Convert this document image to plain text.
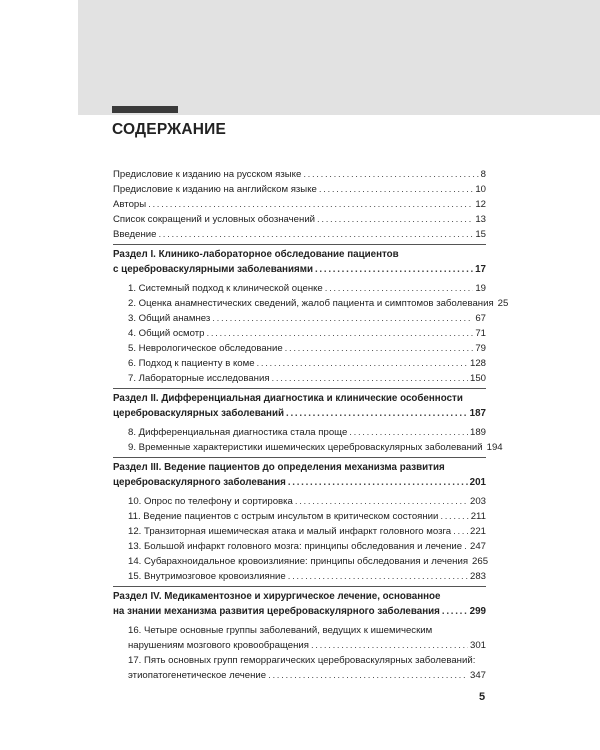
СОДЕРЖАНИЕ
Предисловие к изданию на русском языке . . .	8
Предисловие к изданию на английском языке . . .	10
Авторы . . .	12
Список сокращений и условных обозначений . . .	13
Введение . . .	15
Раздел I. Клинико-лабораторное обследование пациентов
с цереброваскулярными заболеваниями . . .	17
1. Системный подход к клинической оценке . . .	19
2. Оценка анамнестических сведений, жалоб пациента и симптомов заболевания 25
3. Общий анамнез . . .	67
4. Общий осмотр . . .	71
5. Неврологическое обследование . . .	79
6. Подход к пациенту в коме . . .	128
7. Лабораторные исследования . . .	150
Раздел II. Дифференциальная диагностика и клинические особенности
цереброваскулярных заболеваний . . .	187
8. Дифференциальная диагностика стала проще . . .	189
9. Временные характеристики ишемических цереброваскулярных заболеваний 194
Раздел III. Ведение пациентов до определения механизма развития
цереброваскулярного заболевания . . .	201
10. Опрос по телефону и сортировка . . .	203
11. Ведение пациентов с острым инсультом в критическом состоянии . . .	211
12. Транзиторная ишемическая атака и малый инфаркт головного мозга . . . 221
13. Большой инфаркт головного мозга: принципы обследования и лечение . . . 247
14. Субарахноидальное кровоизлияние: принципы обследования и лечения 265
15. Внутримозговое кровоизлияние . . .	283
Раздел IV. Медикаментозное и хирургическое лечение, основанное
на знании механизма развития цереброваскулярного заболевания . . .	299
16. Четыре основные группы заболеваний, ведущих к ишемическим
нарушениям мозгового кровообращения . . .	301
17. Пять основных групп геморрагических цереброваскулярных заболеваний:
этиопатогенетическое лечение . . .	347
5
